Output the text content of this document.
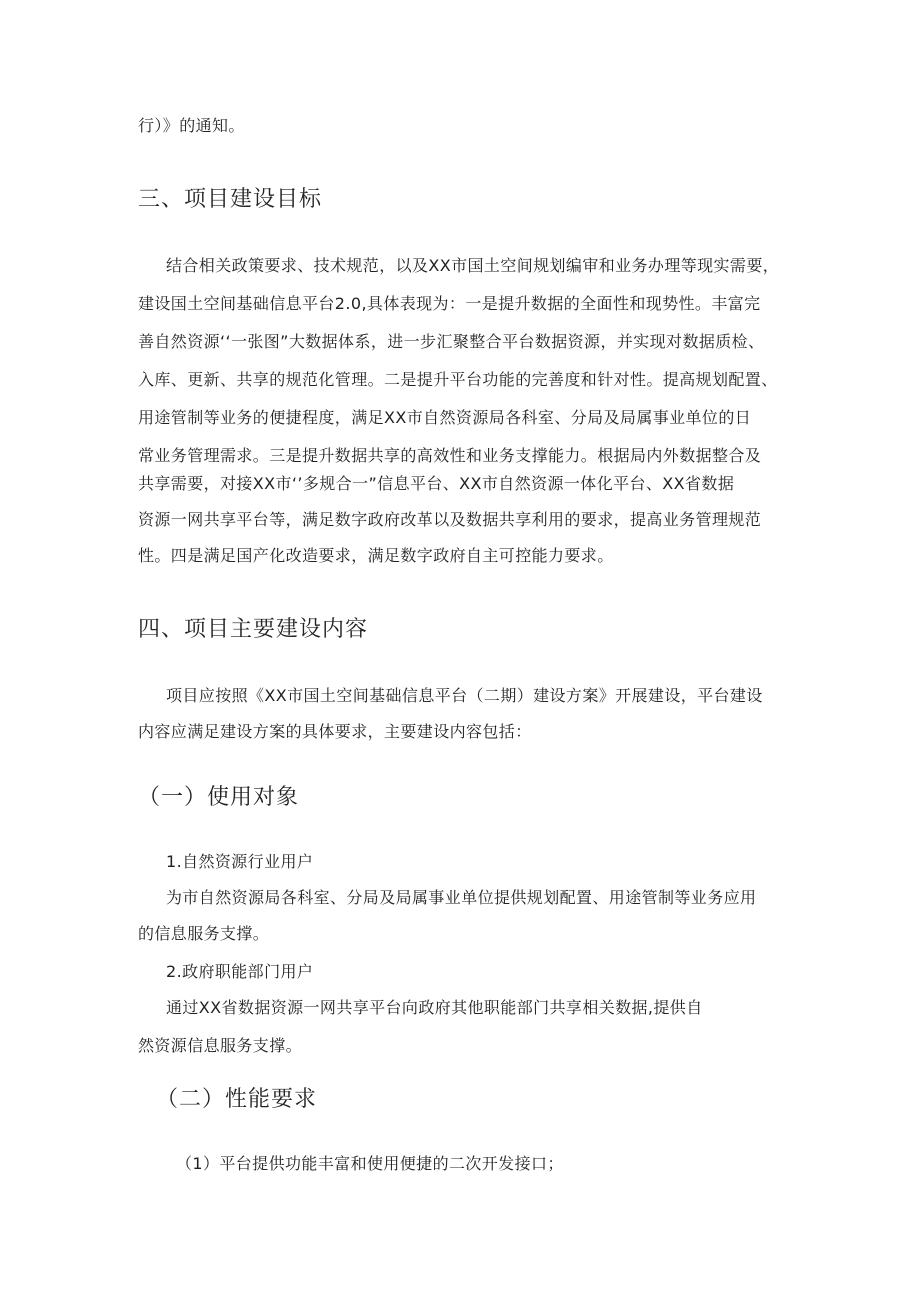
行）》的通知。
三、项目建设目标
结合相关政策要求、技术规范，以及XX市国土空间规划编审和业务办理等现实需要，
建设国土空间基础信息平台2.0,具体表现为：一是提升数据的全面性和现势性。丰富完
善自然资源‘‘一张图”大数据体系，进一步汇聚整合平台数据资源，并实现对数据质检、
入库、更新、共享的规范化管理。二是提升平台功能的完善度和针对性。提高规划配置、
用途管制等业务的便捷程度，满足XX市自然资源局各科室、分局及局属事业单位的日
常业务管理需求。三是提升数据共享的高效性和业务支撑能力。根据局内外数据整合及
共享需要，对接XX市‘’多规合一”信息平台、XX市自然资源一体化平台、XX省数据
资源一网共享平台等，满足数字政府改革以及数据共享利用的要求，提高业务管理规范
性。四是满足国产化改造要求，满足数字政府自主可控能力要求。
四、项目主要建设内容
项目应按照《XX市国土空间基础信息平台（二期）建设方案》开展建设，平台建设
内容应满足建设方案的具体要求，主要建设内容包括：
（一）使用对象
1.自然资源行业用户
为市自然资源局各科室、分局及局属事业单位提供规划配置、用途管制等业务应用
的信息服务支撑。
2.政府职能部门用户
通过XX省数据资源一网共享平台向政府其他职能部门共享相关数据,提供自
然资源信息服务支撑。
（二）性能要求
（1）平台提供功能丰富和使用便捷的二次开发接口；
